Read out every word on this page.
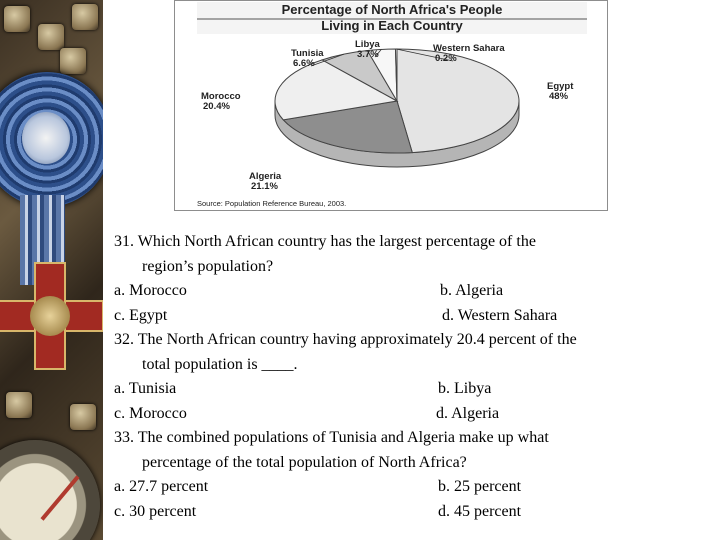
Percentage of North Africa's People
Living in Each Country
Egypt
48%
Algeria
21.1%
Morocco
20.4%
Tunisia
6.6%
Libya
3.7%
Western Sahara
0.2%
Source: Population Reference Bureau, 2003.
31. Which North African country has the largest percentage of the
region’s population?
a. Morocco	b. Algeria
c. Egypt	d. Western Sahara
32. The North African country having approximately 20.4 percent of the
total population is ____.
a. Tunisia	b. Libya
c. Morocco	d. Algeria
33. The combined populations of Tunisia and Algeria make up what
percentage of the total population of North Africa?
a. 27.7 percent	b. 25 percent
c. 30 percent	d. 45 percent
